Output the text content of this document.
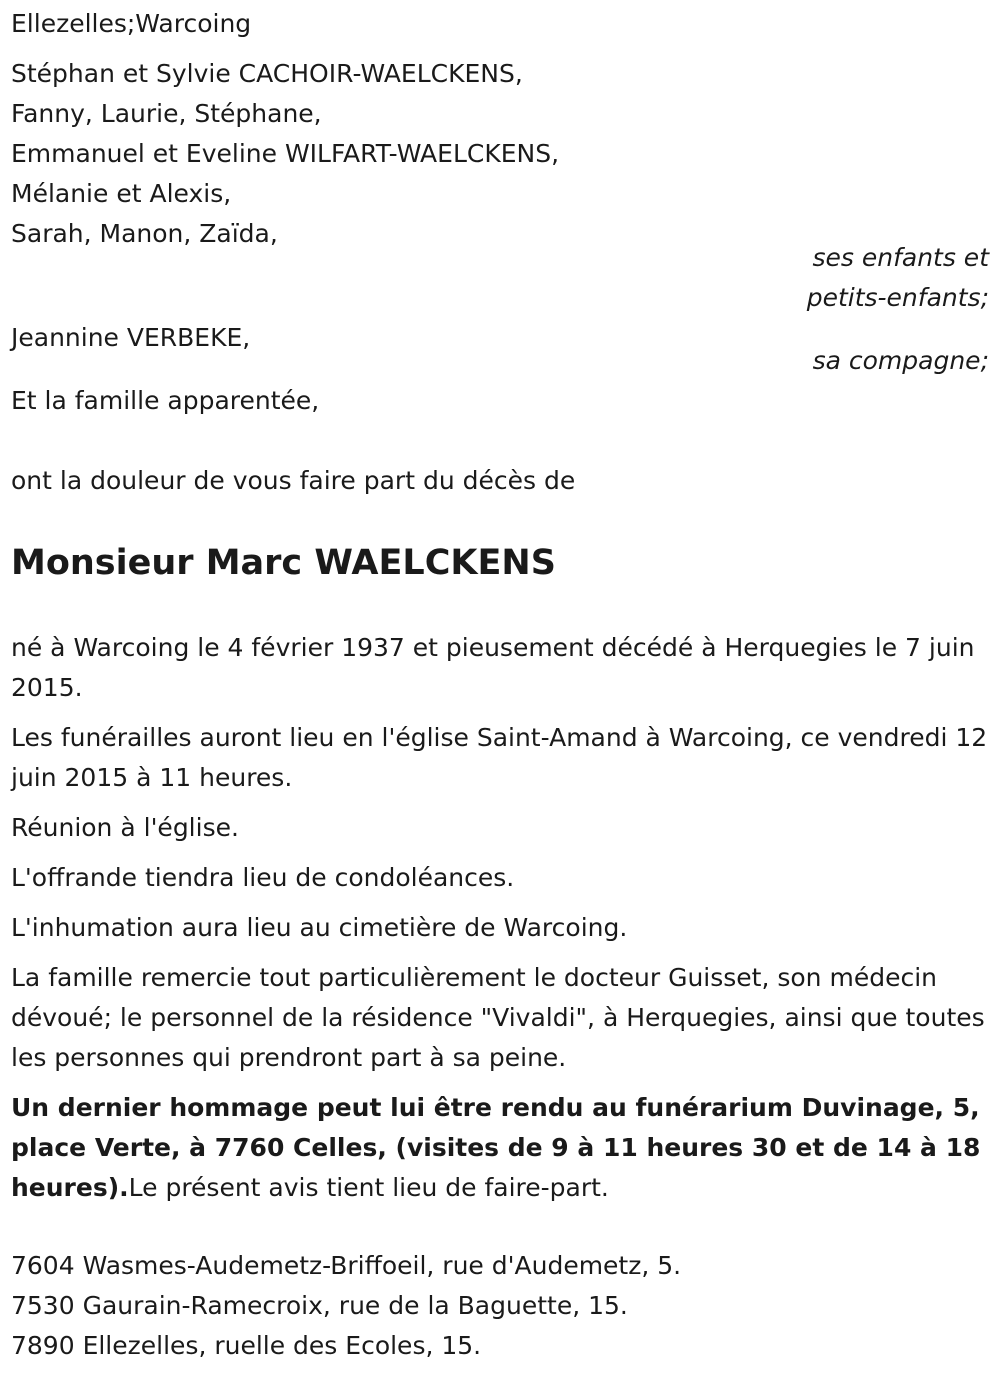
Ellezelles;Warcoing
Stéphan et Sylvie CACHOIR-WAELCKENS,
Fanny, Laurie, Stéphane,
Emmanuel et Eveline WILFART-WAELCKENS,
Mélanie et Alexis,
Sarah, Manon, Zaïda,
ses enfants et
petits-enfants;
Jeannine VERBEKE,
sa compagne;
Et la famille apparentée,
ont la douleur de vous faire part du décès de
Monsieur Marc WAELCKENS

né à Warcoing le 4 février 1937 et pieusement décédé à Herquegies le 7 juin 2015.

Les funérailles auront lieu en l'église Saint-Amand à Warcoing, ce vendredi 12 juin 2015 à 11 heures.

Réunion à l'église.

L'offrande tiendra lieu de condoléances.

L'inhumation aura lieu au cimetière de Warcoing.

La famille remercie tout particulièrement le docteur Guisset, son médecin dévoué; le personnel de la résidence "Vivaldi", à Herquegies, ainsi que toutes les personnes qui prendront part à sa peine.

Un dernier hommage peut lui être rendu au funérarium Duvinage, 5, place Verte, à 7760 Celles, (visites de 9 à 11 heures 30 et de 14 à 18 heures).Le présent avis tient lieu de faire-part.

7604 Wasmes-Audemetz-Briffoeil, rue d'Audemetz, 5.
7530 Gaurain-Ramecroix, rue de la Baguette, 15.
7890 Ellezelles, ruelle des Ecoles, 15.
